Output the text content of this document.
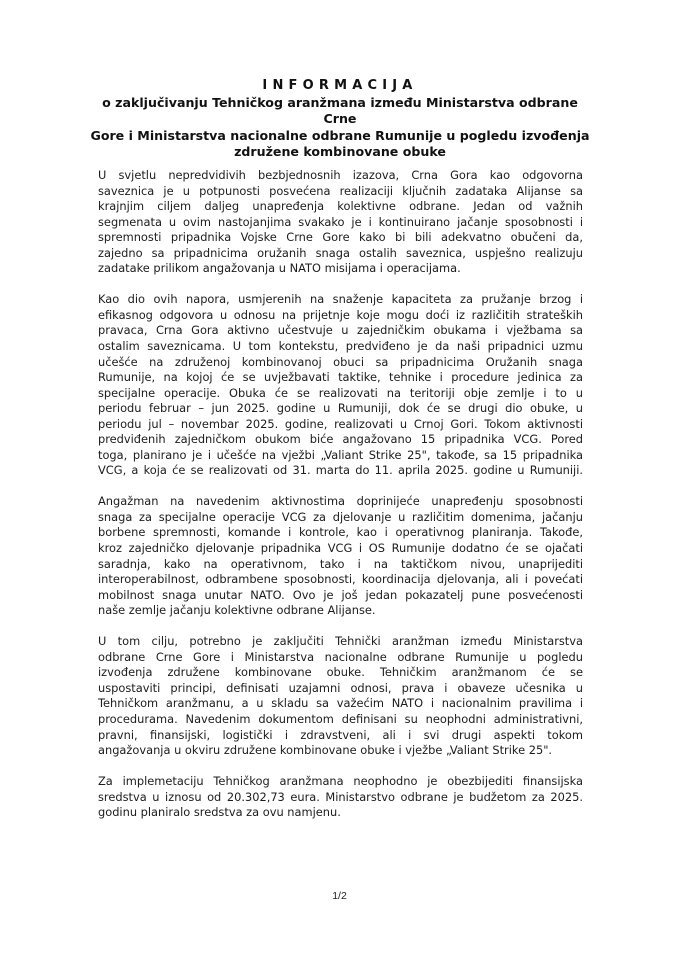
INFORMACIJA
o zaključivanju Tehničkog aranžmana između Ministarstva odbrane Crne
Gore i Ministarstva nacionalne odbrane Rumunije u pogledu izvođenja
združene kombinovane obuke

U svjetlu nepredvidivih bezbjednosnih izazova, Crna Gora kao odgovorna
saveznica je u potpunosti posvećena realizaciji ključnih zadataka Alijanse sa
krajnjim ciljem daljeg unapređenja kolektivne odbrane. Jedan od važnih
segmenata u ovim nastojanjima svakako je i kontinuirano jačanje sposobnosti i
spremnosti pripadnika Vojske Crne Gore kako bi bili adekvatno obučeni da,
zajedno sa pripadnicima oružanih snaga ostalih saveznica, uspješno realizuju
zadatake prilikom angažovanja u NATO misijama i operacijama.

Kao dio ovih napora, usmjerenih na snaženje kapaciteta za pružanje brzog i
efikasnog odgovora u odnosu na prijetnje koje mogu doći iz različitih strateških
pravaca, Crna Gora aktivno učestvuje u zajedničkim obukama i vježbama sa
ostalim saveznicama. U tom kontekstu, predviđeno je da naši pripadnici uzmu
učešće na združenoj kombinovanoj obuci sa pripadnicima Oružanih snaga
Rumunije, na kojoj će se uvježbavati taktike, tehnike i procedure jedinica za
specijalne operacije. Obuka će se realizovati na teritoriji obje zemlje i to u
periodu februar – jun 2025. godine u Rumuniji, dok će se drugi dio obuke, u
periodu jul – novembar 2025. godine, realizovati u Crnoj Gori. Tokom aktivnosti
predviđenih zajedničkom obukom biće angažovano 15 pripadnika VCG. Pored
toga, planirano je i učešće na vježbi „Valiant Strike 25", takođe, sa 15 pripadnika
VCG, a koja će se realizovati od 31. marta do 11. aprila 2025. godine u Rumuniji.

Angažman na navedenim aktivnostima doprinijeće unapređenju sposobnosti
snaga za specijalne operacije VCG za djelovanje u različitim domenima, jačanju
borbene spremnosti, komande i kontrole, kao i operativnog planiranja. Takođe,
kroz zajedničko djelovanje pripadnika VCG i OS Rumunije dodatno će se ojačati
saradnja, kako na operativnom, tako i na taktičkom nivou, unaprijediti
interoperabilnost, odbrambene sposobnosti, koordinacija djelovanja, ali i povećati
mobilnost snaga unutar NATO. Ovo je još jedan pokazatelj pune posvećenosti
naše zemlje jačanju kolektivne odbrane Alijanse.

U tom cilju, potrebno je zaključiti Tehnički aranžman između Ministarstva
odbrane Crne Gore i Ministarstva nacionalne odbrane Rumunije u pogledu
izvođenja združene kombinovane obuke. Tehničkim aranžmanom će se
uspostaviti principi, definisati uzajamni odnosi, prava i obaveze učesnika u
Tehničkom aranžmanu, a u skladu sa važećim NATO i nacionalnim pravilima i
procedurama. Navedenim dokumentom definisani su neophodni administrativni,
pravni, finansijski, logistički i zdravstveni, ali i svi drugi aspekti tokom
angažovanja u okviru združene kombinovane obuke i vježbe „Valiant Strike 25".

Za implemetaciju Tehničkog aranžmana neophodno je obezbijediti finansijska
sredstva u iznosu od 20.302,73 eura. Ministarstvo odbrane je budžetom za 2025.
godinu planiralo sredstva za ovu namjenu.

1/2
